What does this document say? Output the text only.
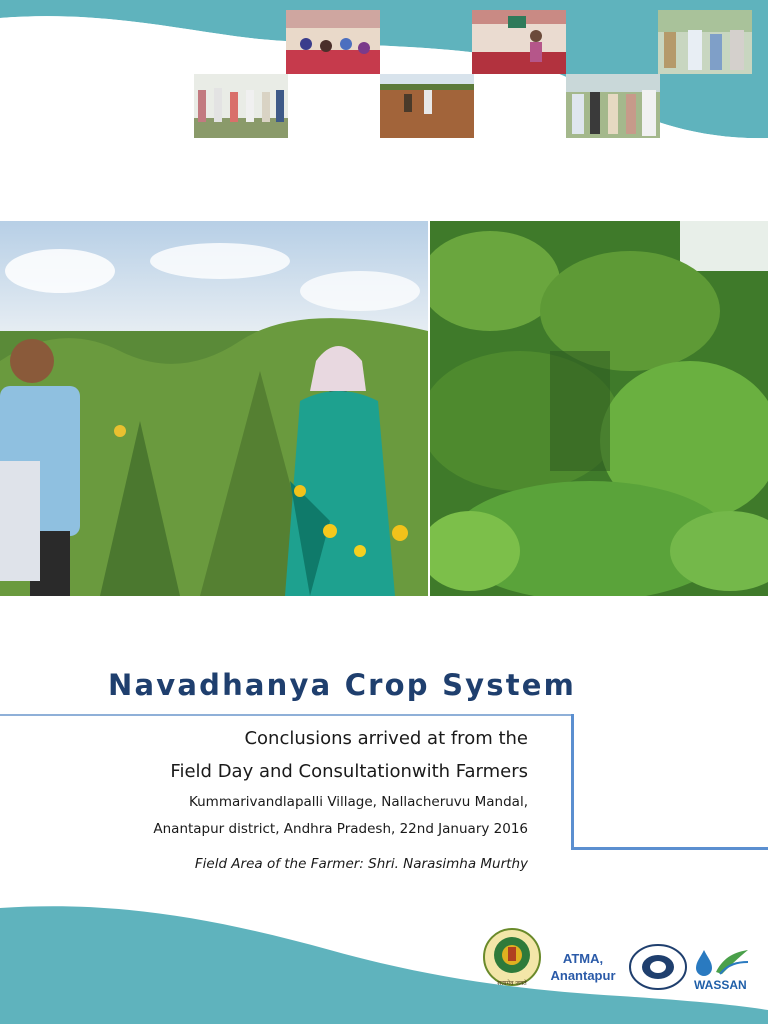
Navadhanya Crop System
Conclusions arrived at from the
Field Day and Consultationwith Farmers
Kummarivandlapalli Village, Nallacheruvu Mandal,
Anantapur district, Andhra Pradesh, 22nd January 2016
Field Area of the Farmer: Shri. Narasimha Murthy
सत्यमेव जयते
ATMA,
Anantapur
WASSAN
